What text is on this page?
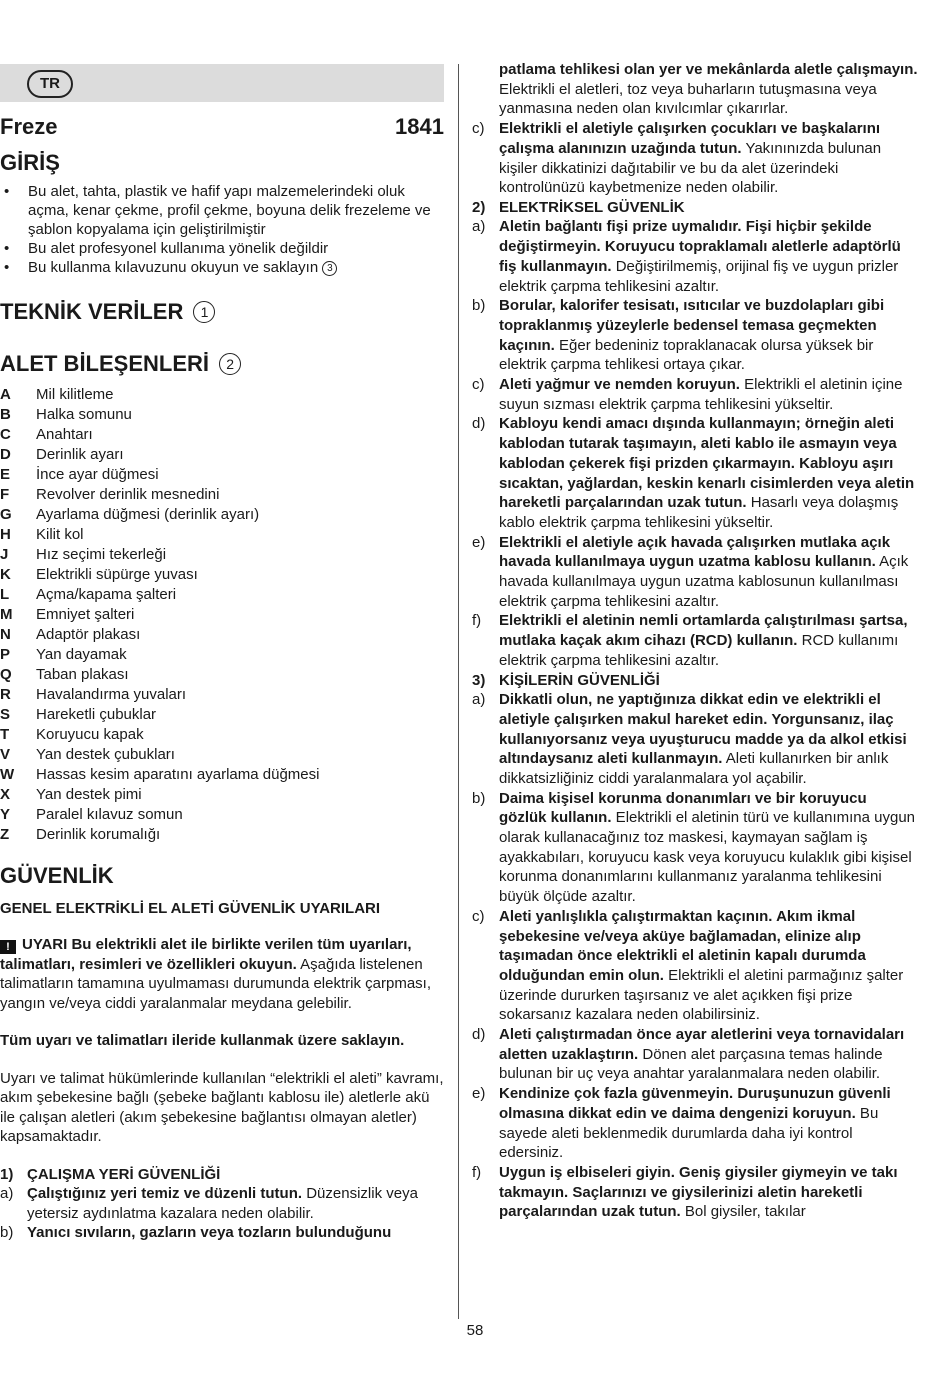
TR
Freze	1841
GİRİŞ
• Bu alet, tahta, plastik ve hafif yapı malzemelerindeki oluk açma, kenar çekme, profil çekme, boyuna delik frezeleme ve şablon kopyalama için geliştirilmiştir
• Bu alet profesyonel kullanıma yönelik değildir
• Bu kullanma kılavuzunu okuyun ve saklayın 3
TEKNİK VERİLER 1
ALET BİLEŞENLERİ 2
A	Mil kilitleme
B	Halka somunu
C	Anahtarı
D	Derinlik ayarı
E	İnce ayar düğmesi
F	Revolver derinlik mesnedini
G	Ayarlama düğmesi (derinlik ayarı)
H	Kilit kol
J	Hız seçimi tekerleği
K	Elektrikli süpürge yuvası
L	Açma/kapama şalteri
M	Emniyet şalteri
N	Adaptör plakası
P	Yan dayamak
Q	Taban plakası
R	Havalandırma yuvaları
S	Hareketli çubuklar
T	Koruyucu kapak
V	Yan destek çubukları
W	Hassas kesim aparatını ayarlama düğmesi
X	Yan destek pimi
Y	Paralel kılavuz somun
Z	Derinlik korumalığı
GÜVENLİK
GENEL ELEKTRİKLİ EL ALETİ GÜVENLİK UYARILARI
! UYARI Bu elektrikli alet ile birlikte verilen tüm uyarıları, talimatları, resimleri ve özellikleri okuyun. Aşağıda listelenen talimatların tamamına uyulmaması durumunda elektrik çarpması, yangın ve/veya ciddi yaralanmalar meydana gelebilir.
Tüm uyarı ve talimatları ileride kullanmak üzere saklayın.
Uyarı ve talimat hükümlerinde kullanılan “elektrikli el aleti” kavramı, akım şebekesine bağlı (şebeke bağlantı kablosu ile) aletlerle akü ile çalışan aletleri (akım şebekesine bağlantısı olmayan aletler) kapsamaktadır.
1) ÇALIŞMA YERİ GÜVENLİĞİ
a) Çalıştığınız yeri temiz ve düzenli tutun. Düzensizlik veya yetersiz aydınlatma kazalara neden olabilir.
b) Yanıcı sıvıların, gazların veya tozların bulunduğunu
patlama tehlikesi olan yer ve mekânlarda aletle çalışmayın. Elektrikli el aletleri, toz veya buharların tutuşmasına veya yanmasına neden olan kıvılcımlar çıkarırlar.
c) Elektrikli el aletiyle çalışırken çocukları ve başkalarını çalışma alanınızın uzağında tutun. Yakınınızda bulunan kişiler dikkatinizi dağıtabilir ve bu da alet üzerindeki kontrolünüzü kaybetmenize neden olabilir.
2) ELEKTRİKSEL GÜVENLİK
a) Aletin bağlantı fişi prize uymalıdır. Fişi hiçbir şekilde değiştirmeyin. Koruyucu topraklamalı aletlerle adaptörlü fiş kullanmayın. Değiştirilmemiş, orijinal fiş ve uygun prizler elektrik çarpma tehlikesini azaltır.
b) Borular, kalorifer tesisatı, ısıtıcılar ve buzdolapları gibi topraklanmış yüzeylerle bedensel temasa geçmekten kaçının. Eğer bedeniniz topraklanacak olursa yüksek bir elektrik çarpma tehlikesi ortaya çıkar.
c) Aleti yağmur ve nemden koruyun. Elektrikli el aletinin içine suyun sızması elektrik çarpma tehlikesini yükseltir.
d) Kabloyu kendi amacı dışında kullanmayın; örneğin aleti kablodan tutarak taşımayın, aleti kablo ile asmayın veya kablodan çekerek fişi prizden çıkarmayın. Kabloyu aşırı sıcaktan, yağlardan, keskin kenarlı cisimlerden veya aletin hareketli parçalarından uzak tutun. Hasarlı veya dolaşmış kablo elektrik çarpma tehlikesini yükseltir.
e) Elektrikli el aletiyle açık havada çalışırken mutlaka açık havada kullanılmaya uygun uzatma kablosu kullanın. Açık havada kullanılmaya uygun uzatma kablosunun kullanılması elektrik çarpma tehlikesini azaltır.
f)	Elektrikli el aletinin nemli ortamlarda çalıştırılması şartsa, mutlaka kaçak akım cihazı (RCD) kullanın. RCD kullanımı elektrik çarpma tehlikesini azaltır.
3) KİŞİLERİN GÜVENLİĞİ
a) Dikkatli olun, ne yaptığınıza dikkat edin ve elektrikli el aletiyle çalışırken makul hareket edin. Yorgunsanız, ilaç kullanıyorsanız veya uyuşturucu madde ya da alkol etkisi altındaysanız aleti kullanmayın. Aleti kullanırken bir anlık dikkatsizliğiniz ciddi yaralanmalara yol açabilir.
b) Daima kişisel korunma donanımları ve bir koruyucu gözlük kullanın. Elektrikli el aletinin türü ve kullanımına uygun olarak kullanacağınız toz maskesi, kaymayan sağlam iş ayakkabıları, koruyucu kask veya koruyucu kulaklık gibi kişisel korunma donanımlarını kullanmanız yaralanma tehlikesini büyük ölçüde azaltır.
c) Aleti yanlışlıkla çalıştırmaktan kaçının. Akım ikmal şebekesine ve/veya aküye bağlamadan, elinize alıp taşımadan önce elektrikli el aletinin kapalı durumda olduğundan emin olun. Elektrikli el aletini parmağınız şalter üzerinde dururken taşırsanız ve alet açıkken fişi prize sokarsanız kazalara neden olabilirsiniz.
d) Aleti çalıştırmadan önce ayar aletlerini veya tornavidaları aletten uzaklaştırın. Dönen alet parçasına temas halinde bulunan bir uç veya anahtar yaralanmalara neden olabilir.
e) Kendinize çok fazla güvenmeyin. Duruşunuzun güvenli olmasına dikkat edin ve daima dengenizi koruyun. Bu sayede aleti beklenmedik durumlarda daha iyi kontrol edersiniz.
f)	Uygun iş elbiseleri giyin. Geniş giysiler giymeyin ve takı takmayın. Saçlarınızı ve giysilerinizi aletin hareketli parçalarından uzak tutun. Bol giysiler, takılar
58
